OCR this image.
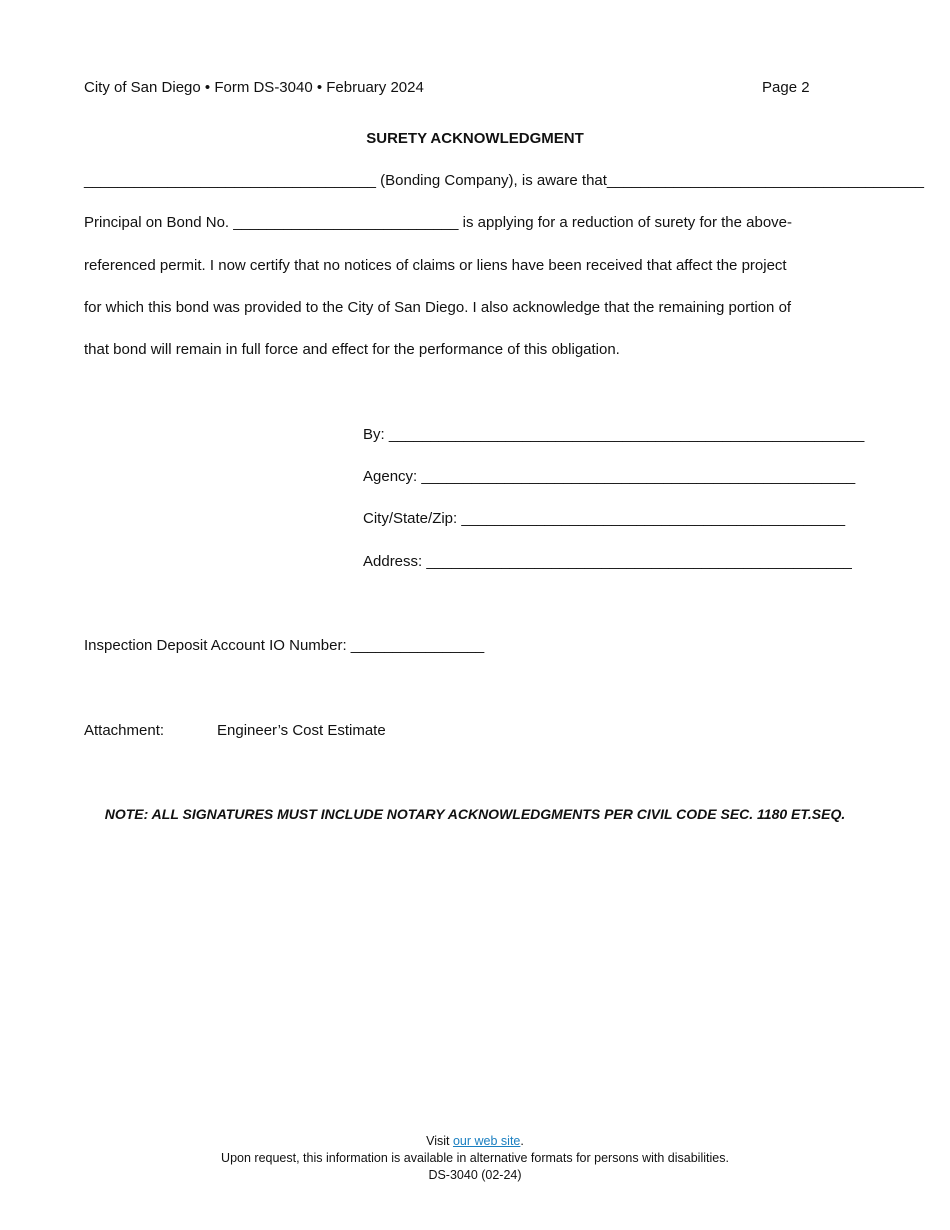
City of San Diego • Form DS-3040 • February 2024	Page 2
SURETY ACKNOWLEDGMENT
___________________________________ (Bonding Company), is aware that______________________________________
Principal on Bond No. ___________________________ is applying for a reduction of surety for the above-
referenced permit. I now certify that no notices of claims or liens have been received that affect the project
for which this bond was provided to the City of San Diego. I also acknowledge that the remaining portion of
that bond will remain in full force and effect for the performance of this obligation.
By: _________________________________________________________
Agency: ____________________________________________________
City/State/Zip: ______________________________________________
Address: ___________________________________________________
Inspection Deposit Account IO Number: ________________
Attachment:	Engineer’s Cost Estimate
NOTE: ALL SIGNATURES MUST INCLUDE NOTARY ACKNOWLEDGMENTS PER CIVIL CODE SEC. 1180 ET.SEQ.
Visit our web site.
Upon request, this information is available in alternative formats for persons with disabilities.
DS-3040 (02-24)
